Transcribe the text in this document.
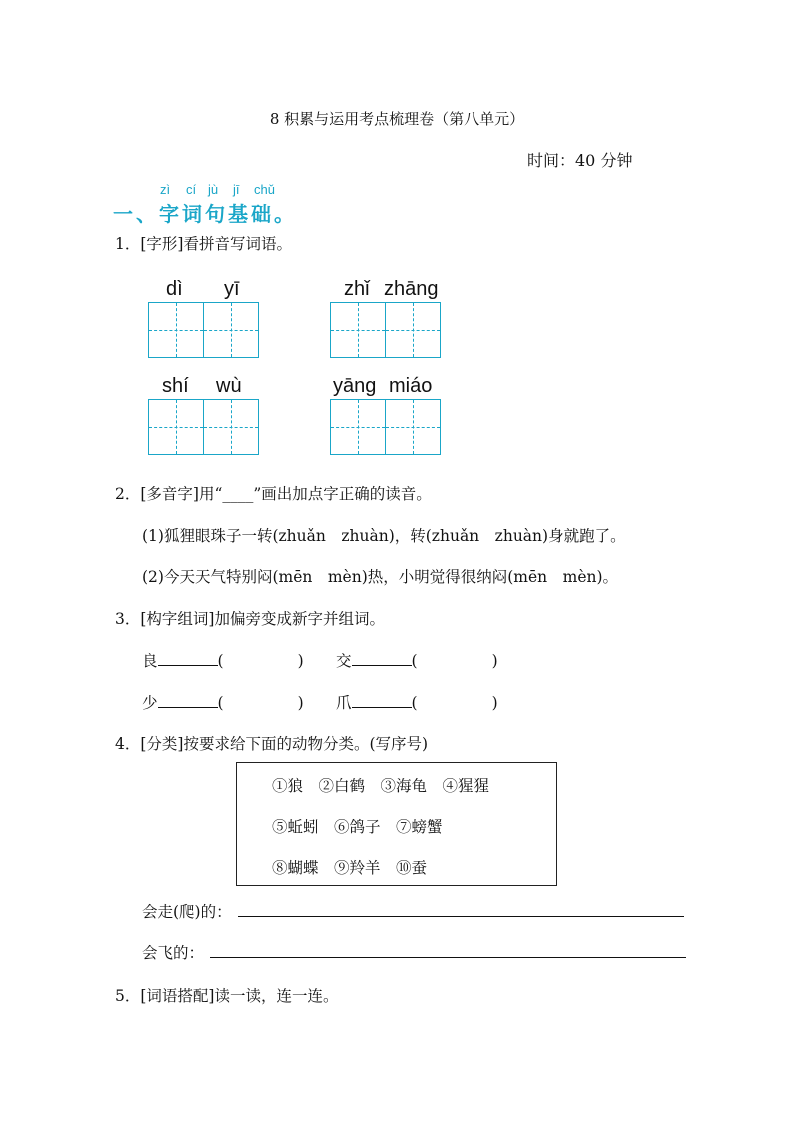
8 积累与运用考点梳理卷（第八单元）
时间：40 分钟
zì cí jù jī chǔ
一、字词句基础。
1．[字形]看拼音写词语。
dì yī	zhǐ zhāng
shí wù	yāng miáo
2．[多音字]用“____”画出加点字正确的读音。
(1)狐狸眼珠子一转(zhuǎn　zhuàn)，转(zhuǎn　zhuàn)身就跑了。
(2)今天天气特别闷(mēn　mèn)热，小明觉得很纳闷(mēn　mèn)。
3．[构字组词]加偏旁变成新字并组词。
良	(	) 交	(	)
少	(	) 爪	(	)
4．[分类]按要求给下面的动物分类。(写序号)
①狼　②白鹤　③海龟　④猩猩
⑤蚯蚓　⑥鸽子　⑦螃蟹
⑧蝴蝶　⑨羚羊　⑩蚕
会走(爬)的：
会飞的：
5．[词语搭配]读一读，连一连。
